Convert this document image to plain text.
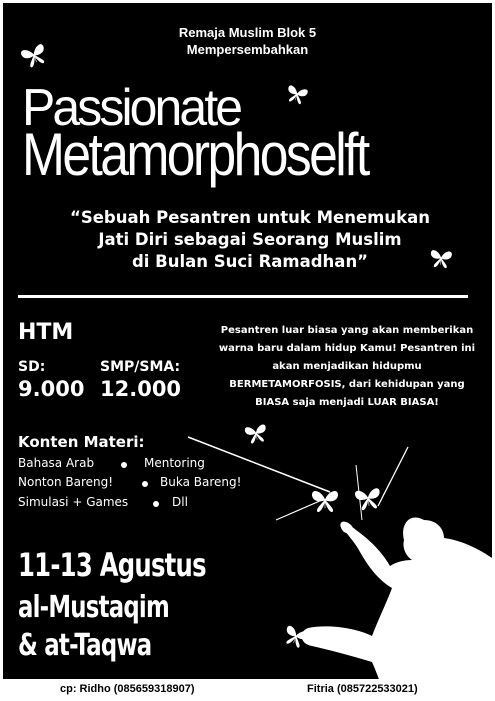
Remaja Muslim Blok 5
Mempersembahkan
Passionate
Metamorphoselft
“Sebuah Pesantren untuk Menemukan
Jati Diri sebagai Seorang Muslim
di Bulan Suci Ramadhan”
HTM
SD:	SMP/SMA:
9.000 12.000
Pesantren luar biasa yang akan memberikan
warna baru dalam hidup Kamu! Pesantren ini
akan menjadikan hidupmu
BERMETAMORFOSIS, dari kehidupan yang
BIASA saja menjadi LUAR BIASA!
Konten Materi:
Bahasa Arab	Mentoring
Nonton Bareng!	Buka Bareng!
Simulasi + Games	Dll
11-13 Agustus
al-Mustaqim
& at-Taqwa
cp: Ridho (085659318907)	Fitria (085722533021)
